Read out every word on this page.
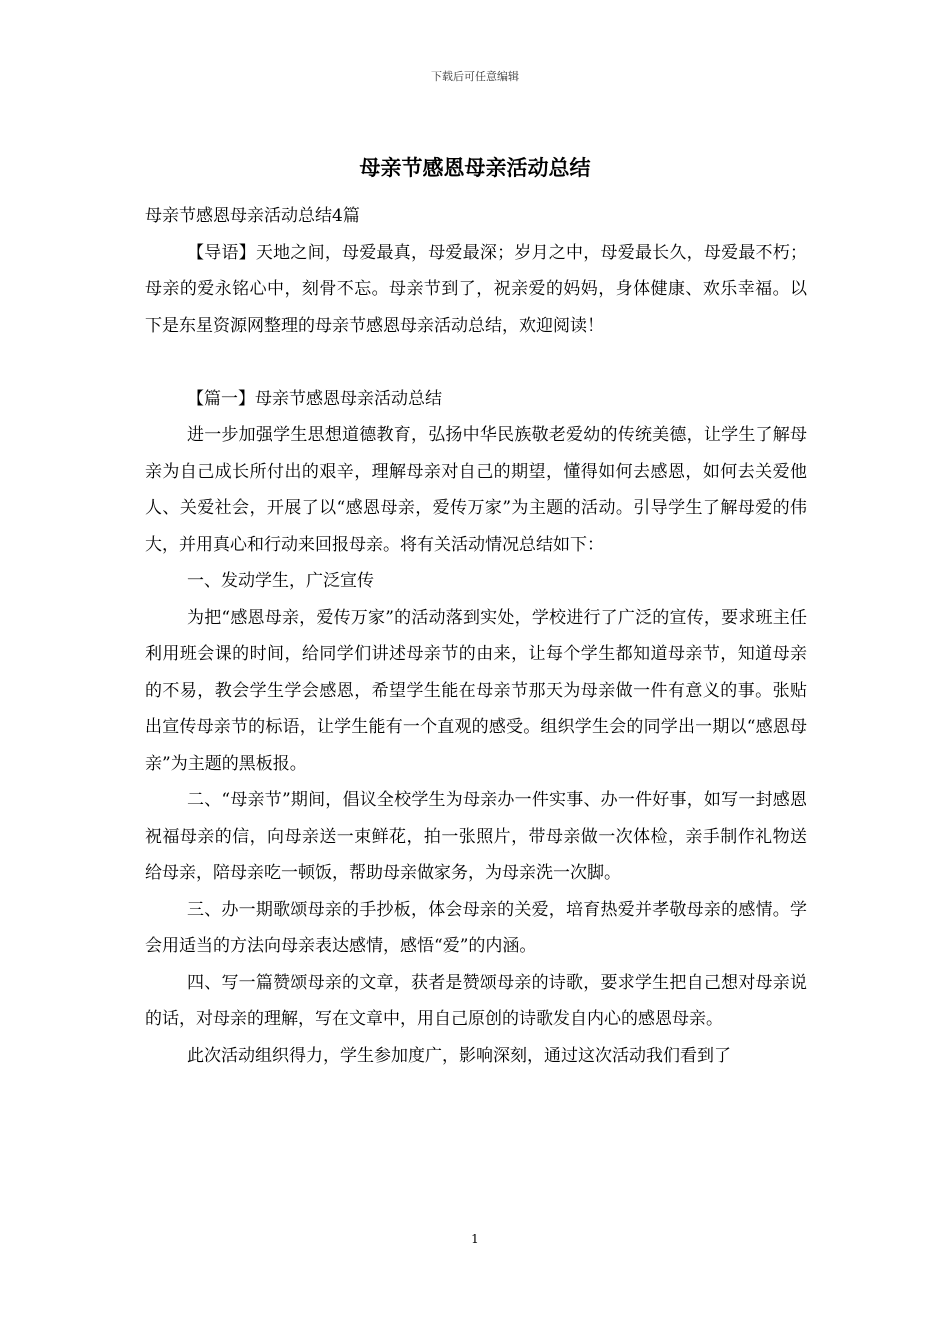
下载后可任意编辑
母亲节感恩母亲活动总结

母亲节感恩母亲活动总结4篇

【导语】天地之间，母爱最真，母爱最深；岁月之中，母爱最长久，母爱最不朽；母亲的爱永铭心中，刻骨不忘。母亲节到了，祝亲爱的妈妈，身体健康、欢乐幸福。以下是东星资源网整理的母亲节感恩母亲活动总结，欢迎阅读！

【篇一】母亲节感恩母亲活动总结

进一步加强学生思想道德教育，弘扬中华民族敬老爱幼的传统美德，让学生了解母亲为自己成长所付出的艰辛，理解母亲对自己的期望，懂得如何去感恩，如何去关爱他人、关爱社会，开展了以“感恩母亲，爱传万家”为主题的活动。引导学生了解母爱的伟大，并用真心和行动来回报母亲。将有关活动情况总结如下：

一、发动学生，广泛宣传

为把“感恩母亲，爱传万家”的活动落到实处，学校进行了广泛的宣传，要求班主任利用班会课的时间，给同学们讲述母亲节的由来，让每个学生都知道母亲节，知道母亲的不易，教会学生学会感恩，希望学生能在母亲节那天为母亲做一件有意义的事。张贴出宣传母亲节的标语，让学生能有一个直观的感受。组织学生会的同学出一期以“感恩母亲”为主题的黑板报。

二、“母亲节”期间，倡议全校学生为母亲办一件实事、办一件好事，如写一封感恩祝福母亲的信，向母亲送一束鲜花，拍一张照片，带母亲做一次体检，亲手制作礼物送给母亲，陪母亲吃一顿饭，帮助母亲做家务，为母亲洗一次脚。

三、办一期歌颂母亲的手抄板，体会母亲的关爱，培育热爱并孝敬母亲的感情。学会用适当的方法向母亲表达感情，感悟“爱”的内涵。

四、写一篇赞颂母亲的文章，获者是赞颂母亲的诗歌，要求学生把自己想对母亲说的话，对母亲的理解，写在文章中，用自己原创的诗歌发自内心的感恩母亲。

此次活动组织得力，学生参加度广，影响深刻，通过这次活动我们看到了

1
